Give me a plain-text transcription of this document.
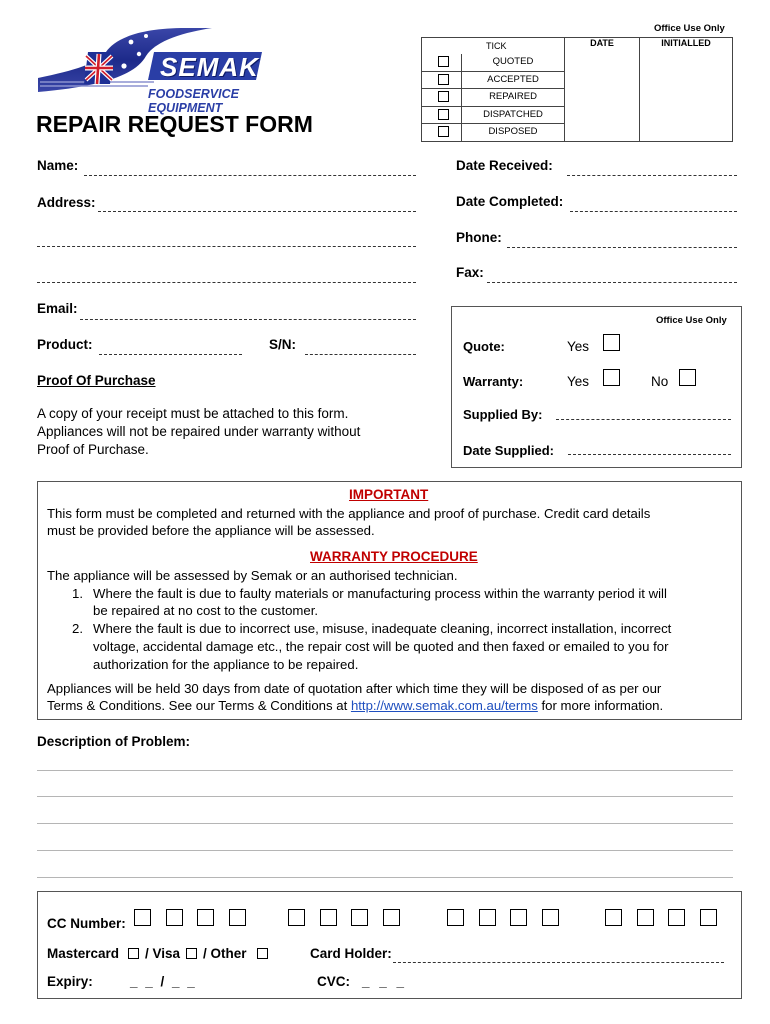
SEMAK
FOODSERVICE EQUIPMENT
REPAIR REQUEST FORM
Office Use Only
TICK	DATE	INITIALLED

QUOTED

ACCEPTED

REPAIRED

DISPATCHED

DISPOSED
Name:
Address:
Email:
Product:	S/N:
Date Received:
Date Completed:
Phone:
Fax:
Proof Of Purchase
A copy of your receipt must be attached to this form.
Appliances will not be repaired under warranty without
Proof of Purchase.
Office Use Only
Quote:	Yes
Warranty:	Yes	No
Supplied By:
Date Supplied:
IMPORTANT
This form must be completed and returned with the appliance and proof of purchase. Credit card details
must be provided before the appliance will be assessed.
WARRANTY PROCEDURE
The appliance will be assessed by Semak or an authorised technician.
1. Where the fault is due to faulty materials or manufacturing process within the warranty period it will
be repaired at no cost to the customer.
2. Where the fault is due to incorrect use, misuse, inadequate cleaning, incorrect installation, incorrect
voltage, accidental damage etc., the repair cost will be quoted and then faxed or emailed to you for
authorization for the appliance to be repaired.
Appliances will be held 30 days from date of quotation after which time they will be disposed of as per our
Terms & Conditions. See our Terms & Conditions at http://www.semak.com.au/terms for more information.
Description of Problem:
CC Number:
Mastercard / Visa / Other	Card Holder:
Expiry:	_ _ / _ _	CVC: _ _ _
